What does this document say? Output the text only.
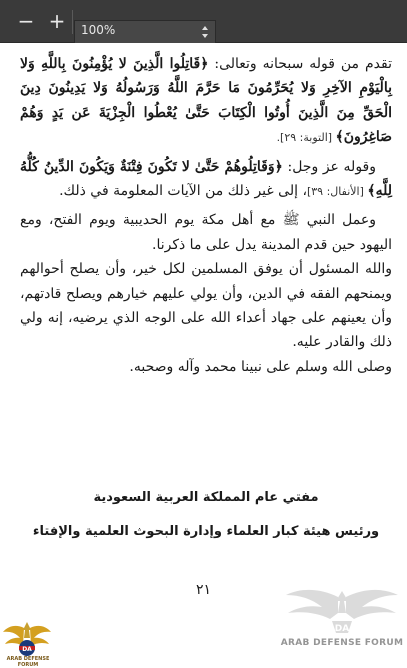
− +	100%

تقدم من قوله سبحانه وتعالى: ﴿قَاتِلُوا الَّذِينَ لا يُؤْمِنُونَ بِاللَّهِ وَلا بِالْيَوْمِ الآخِرِ وَلا يُحَرِّمُونَ مَا حَرَّمَ اللَّهُ وَرَسُولُهُ وَلا يَدِينُونَ دِينَ الْحَقِّ مِنَ الَّذِينَ أُوتُوا الْكِتَابَ حَتَّىٰ يُعْطُوا الْجِزْيَةَ عَن يَدٍ وَهُمْ صَاغِرُونَ﴾ [التوبة: ٢٩].

وقوله عز وجل: ﴿وَقَاتِلُوهُمْ حَتَّىٰ لا تَكُونَ فِتْنَةٌ وَيَكُونَ الدِّينُ كُلُّهُ لِلَّهِ﴾ [الأنفال: ٣٩]، إلى غير ذلك من الآيات المعلومة في ذلك.

وعمل النبي ﷺ مع أهل مكة يوم الحديبية ويوم الفتح، ومع اليهود حين قدم المدينة يدل على ما ذكرنا.

والله المسئول أن يوفق المسلمين لكل خير، وأن يصلح أحوالهم ويمنحهم الفقه في الدين، وأن يولي عليهم خيارهم ويصلح قادتهم، وأن يعينهم على جهاد أعداء الله على الوجه الذي يرضيه، إنه ولي ذلك والقادر عليه.

وصلى الله وسلم على نبينا محمد وآله وصحبه.

مفتي عام المملكة العربية السعودية
ورئيس هيئة كبار العلماء وإدارة البحوث العلمية والإفتاء
٢١
DA
ARAB DEFENSE FORUM
DA
ARAB DEFENSE FORUM
